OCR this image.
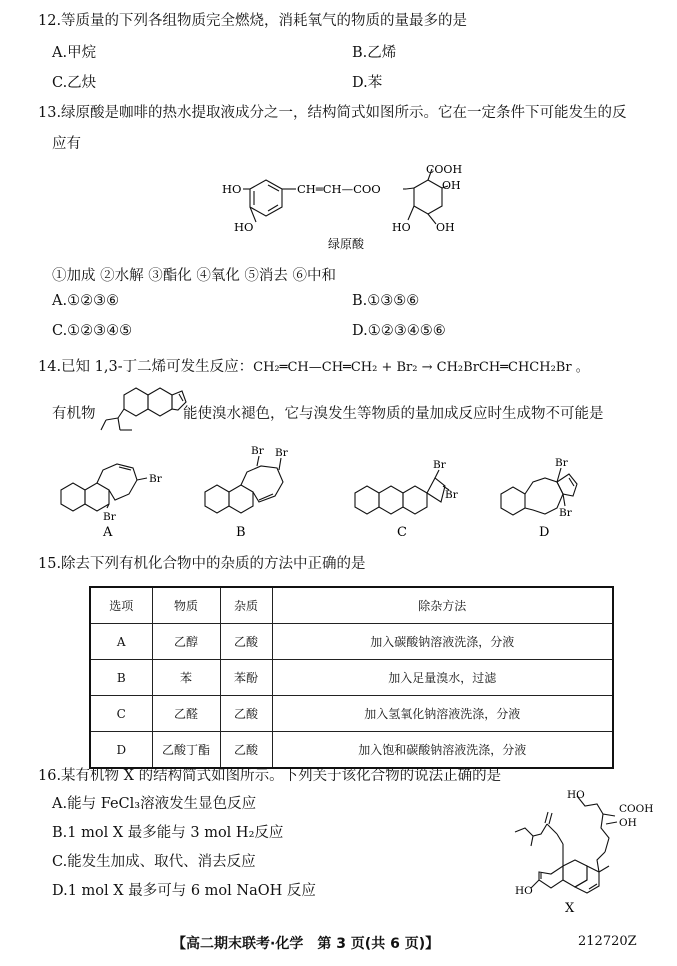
12.等质量的下列各组物质完全燃烧，消耗氧气的物质的量最多的是
A.甲烷	B.乙烯
C.乙炔	D.苯
13.绿原酸是咖啡的热水提取液成分之一，结构简式如图所示。它在一定条件下可能发生的反
应有
HO
HO
CH═CH—COO
COOH
OH
HO OH
绿原酸
①加成 ②水解 ③酯化 ④氧化 ⑤消去 ⑥中和
A.①②③⑥	B.①③⑤⑥
C.①②③④⑤	D.①②③④⑤⑥
14.已知 1,3-丁二烯可发生反应：CH₂═CH—CH═CH₂ + Br₂ → CH₂BrCH═CHCH₂Br 。
有机物	能使溴水褪色，它与溴发生等物质的量加成反应时生成物不可能是
Br
Br
Br Br
Br
Br
Br
Br
A	B	C	D
15.除去下列有机化合物中的杂质的方法中正确的是
选项	物质	杂质	除杂方法
A	乙醇	乙酸	加入碳酸钠溶液洗涤，分液
B	苯	苯酚	加入足量溴水，过滤
C	乙醛	乙酸	加入氢氧化钠溶液洗涤，分液
D	乙酸丁酯	乙酸	加入饱和碳酸钠溶液洗涤，分液
16.某有机物 X 的结构简式如图所示。下列关于该化合物的说法正确的是
A.能与 FeCl₃溶液发生显色反应
B.1 mol X 最多能与 3 mol H₂反应
C.能发生加成、取代、消去反应
D.1 mol X 最多可与 6 mol NaOH 反应
HO
COOH
OH
HO
X
【高二期末联考·化学　第 3 页(共 6 页)】	212720Z
